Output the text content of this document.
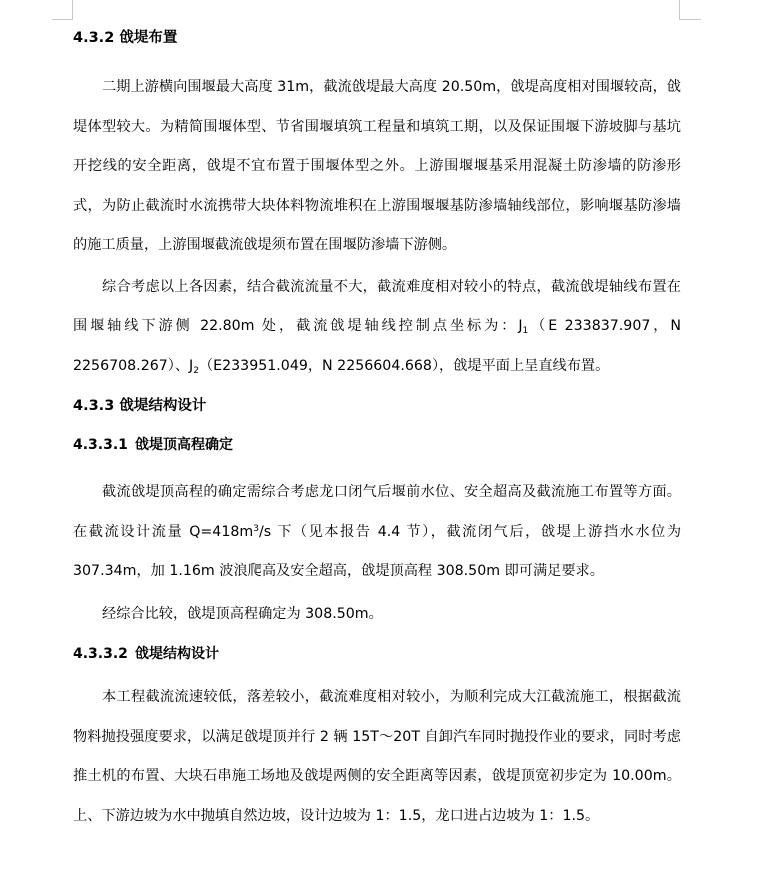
4.3.2 戗堤布置

二期上游横向围堰最大高度 31m，截流戗堤最大高度 20.50m，戗堤高度相对围堰较高，戗堤体型较大。为精简围堰体型、节省围堰填筑工程量和填筑工期，以及保证围堰下游坡脚与基坑开挖线的安全距离，戗堤不宜布置于围堰体型之外。上游围堰堰基采用混凝土防渗墙的防渗形式，为防止截流时水流携带大块体料物流堆积在上游围堰堰基防渗墙轴线部位，影响堰基防渗墙的施工质量，上游围堰截流戗堤须布置在围堰防渗墙下游侧。

综合考虑以上各因素，结合截流流量不大，截流难度相对较小的特点，截流戗堤轴线布置在围堰轴线下游侧 22.80m 处，截流戗堤轴线控制点坐标为：$J_1(E$ 233837.907，N 2256708.267）、$J_2(E233951.049$，N 2256604.668），戗堤平面上呈直线布置。

4.3.3 戗堤结构设计
4.3.3.1 戗堤顶高程确定

截流戗堤顶高程的确定需综合考虑龙口闭气后堰前水位、安全超高及截流施工布置等方面。在截流设计流量 $Q=418m^3/s$ 下（见本报告 4.4 节），截流闭气后，戗堤上游挡水水位为 307.34m，加 1.16m 波浪爬高及安全超高，戗堤顶高程 308.50m 即可满足要求。

经综合比较，戗堤顶高程确定为 308.50m。

4.3.3.2 戗堤结构设计

本工程截流流速较低，落差较小，截流难度相对较小，为顺利完成大江截流施工，根据截流物料抛投强度要求，以满足戗堤顶并行 2 辆 15T～20T 自卸汽车同时抛投作业的要求，同时考虑推土机的布置、大块石串施工场地及戗堤两侧的安全距离等因素，戗堤顶宽初步定为 10.00m。上、下游边坡为水中抛填自然边坡，设计边坡为 1：1.5，龙口进占边坡为 1：1.5。
